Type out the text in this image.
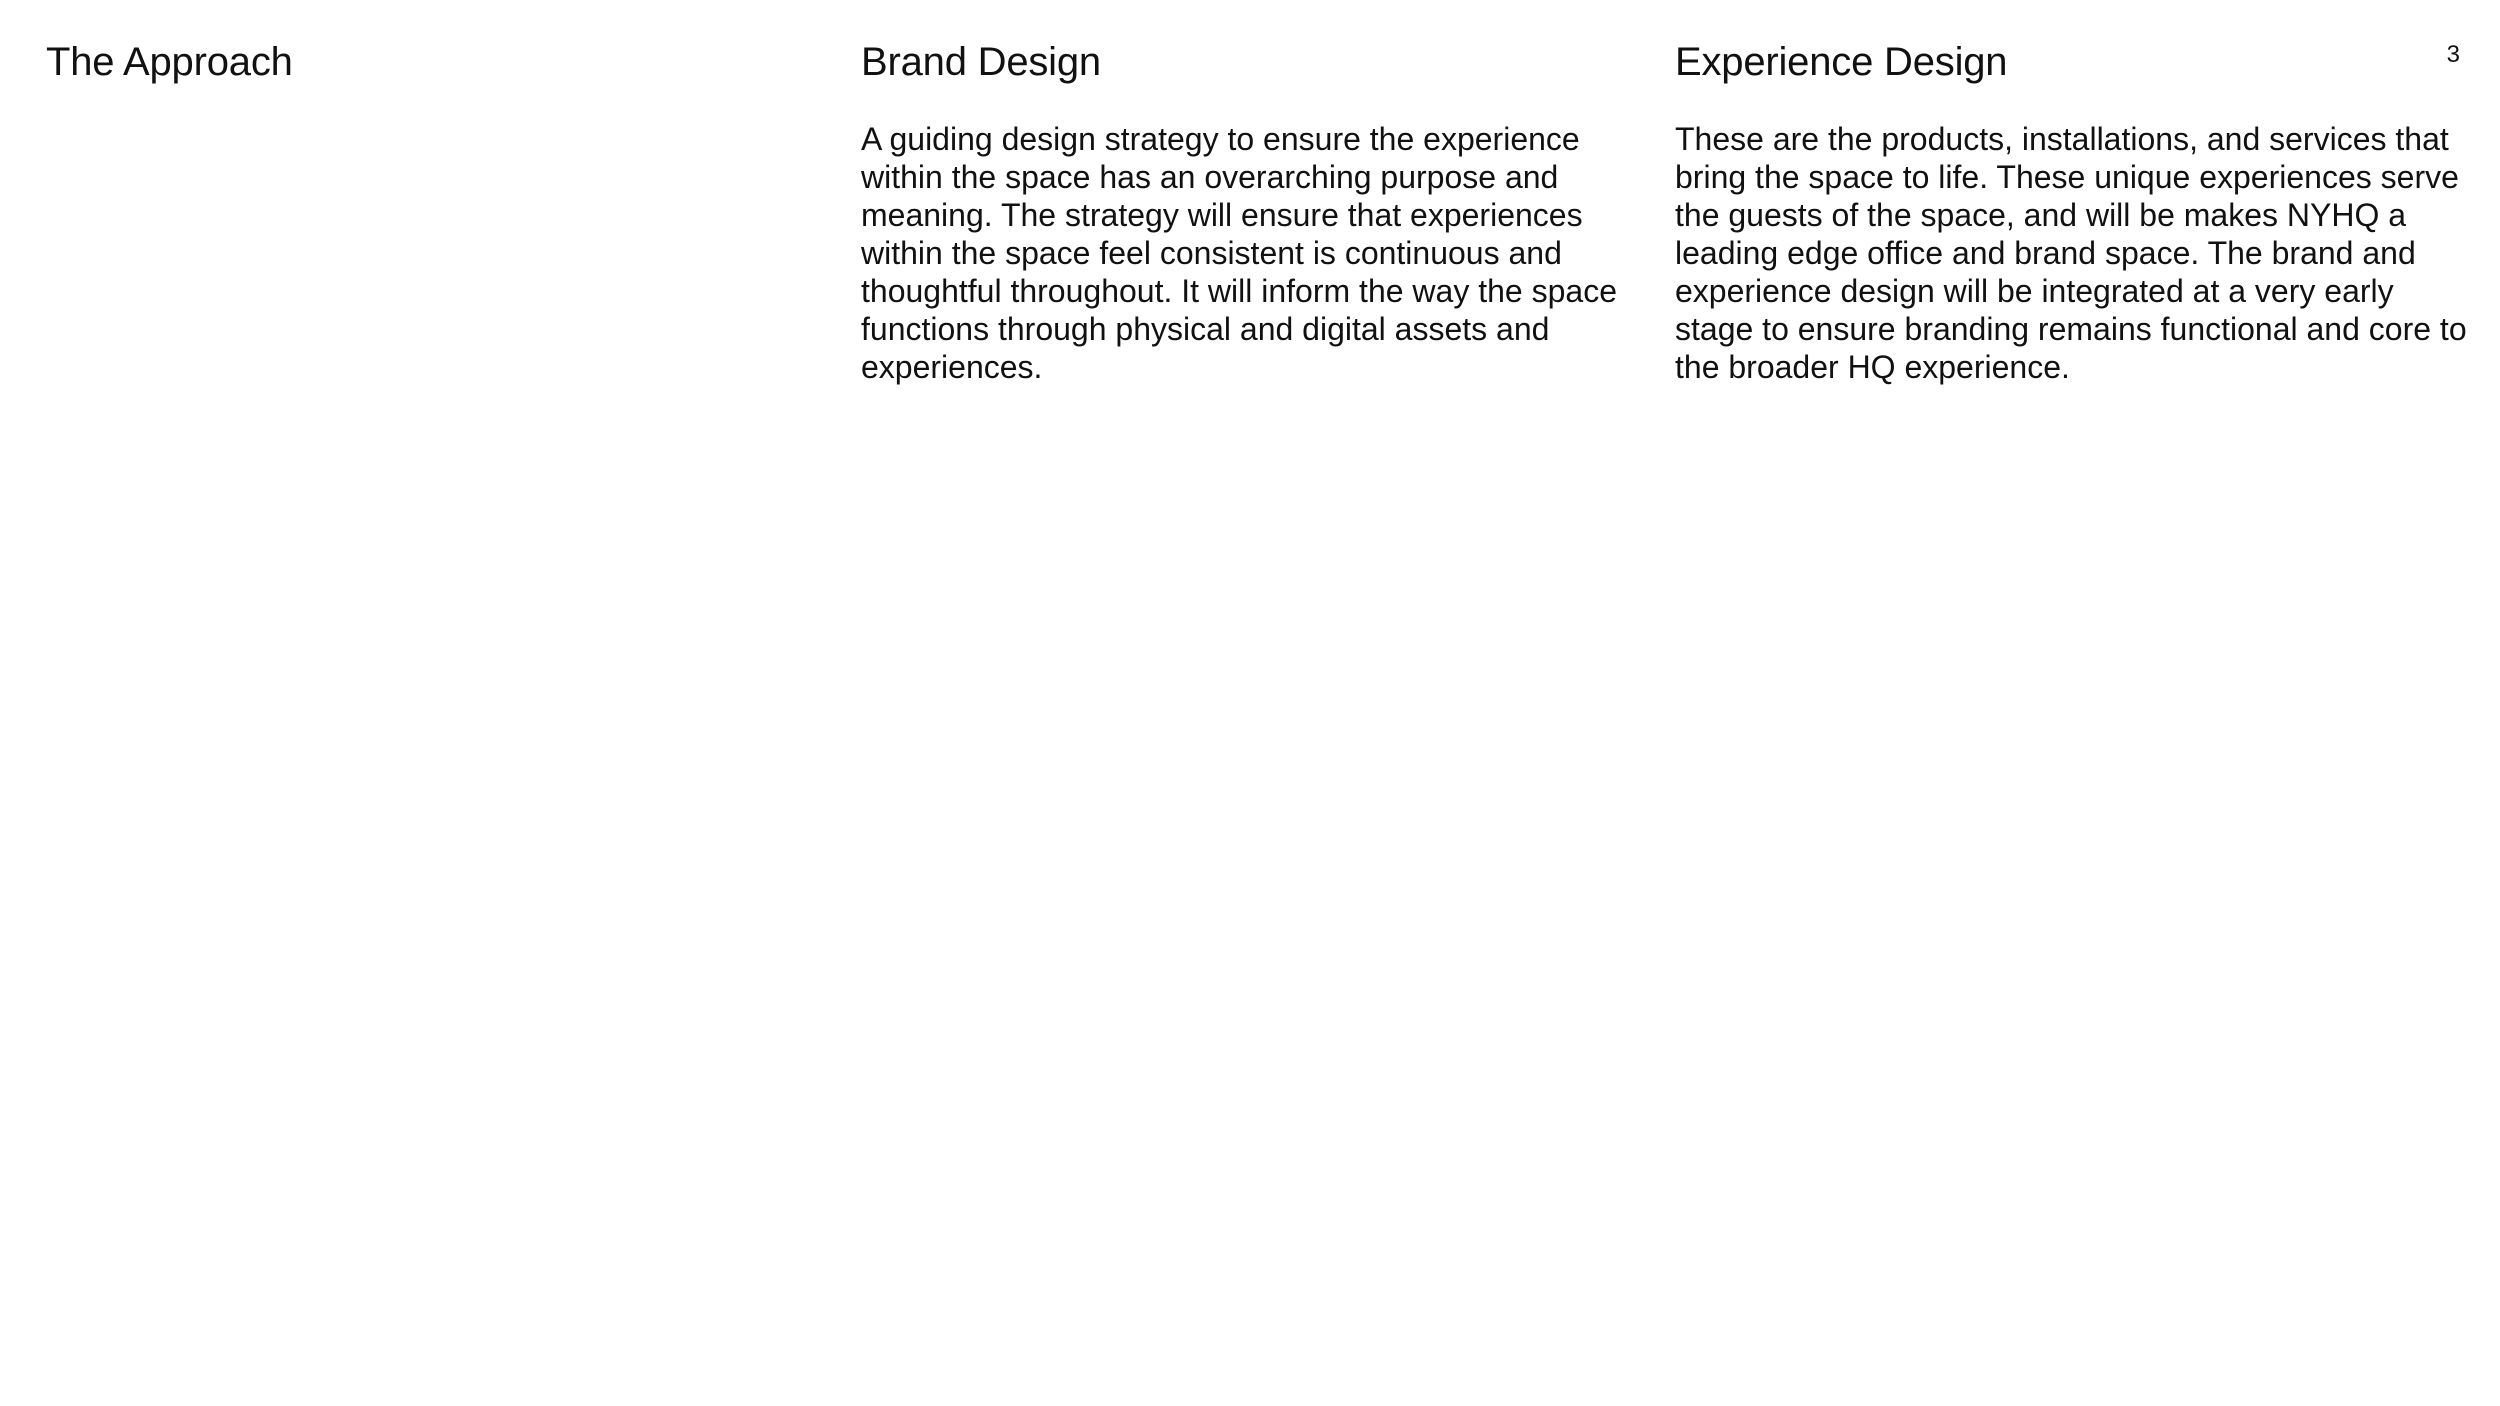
The Approach	Brand Design

A guiding design strategy to ensure the experience within the space has an overarching purpose and meaning. The strategy will ensure that experiences within the space feel consistent is continuous and thoughtful throughout. It will inform the way the space functions through physical and digital assets and experiences.

Experience Design

These are the products, installations, and services that bring the space to life. These unique experiences serve the guests of the space, and will be makes NYHQ a leading edge office and brand space. The brand and experience design will be integrated at a very early stage to ensure branding remains functional and core to the broader HQ experience.

3
